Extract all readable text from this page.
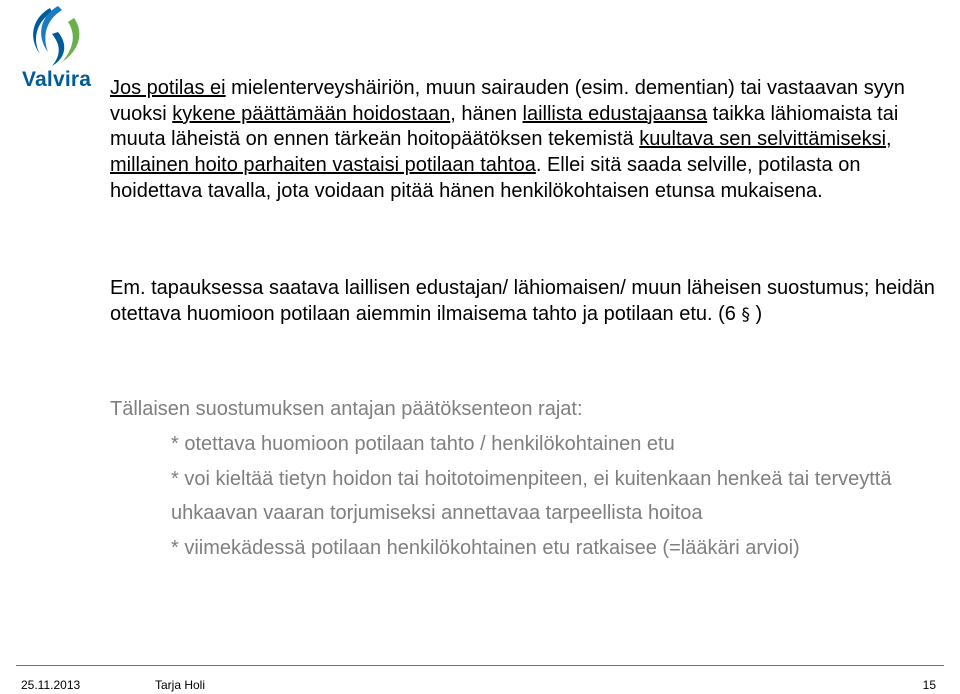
Valvira Jos potilas ei mielenterveyshäiriön, muun sairauden (esim. dementian) tai vastaavan syyn vuoksi kykene päättämään hoidostaan, hänen laillista edustajaansa taikka lähiomaista tai muuta läheistä on ennen tärkeän hoitopäätöksen tekemistä kuultava sen selvittämiseksi, millainen hoito parhaiten vastaisi potilaan tahtoa. Ellei sitä saada selville, potilasta on hoidettava tavalla, jota voidaan pitää hänen henkilökohtaisen etunsa mukaisena.
Em. tapauksessa saatava laillisen edustajan/ lähiomaisen/ muun läheisen suostumus; heidän otettava huomioon potilaan aiemmin ilmaisema tahto ja potilaan etu. (6 § )
Tällaisen suostumuksen antajan päätöksenteon rajat:
* otettava huomioon potilaan tahto / henkilökohtainen etu
* voi kieltää tietyn hoidon tai hoitotoimenpiteen, ei kuitenkaan henkeä tai terveyttä uhkaavan vaaran torjumiseksi annettavaa tarpeellista hoitoa
* viimekädessä potilaan henkilökohtainen etu ratkaisee (=lääkäri arvioi)
25.11.2013	Tarja Holi	15
